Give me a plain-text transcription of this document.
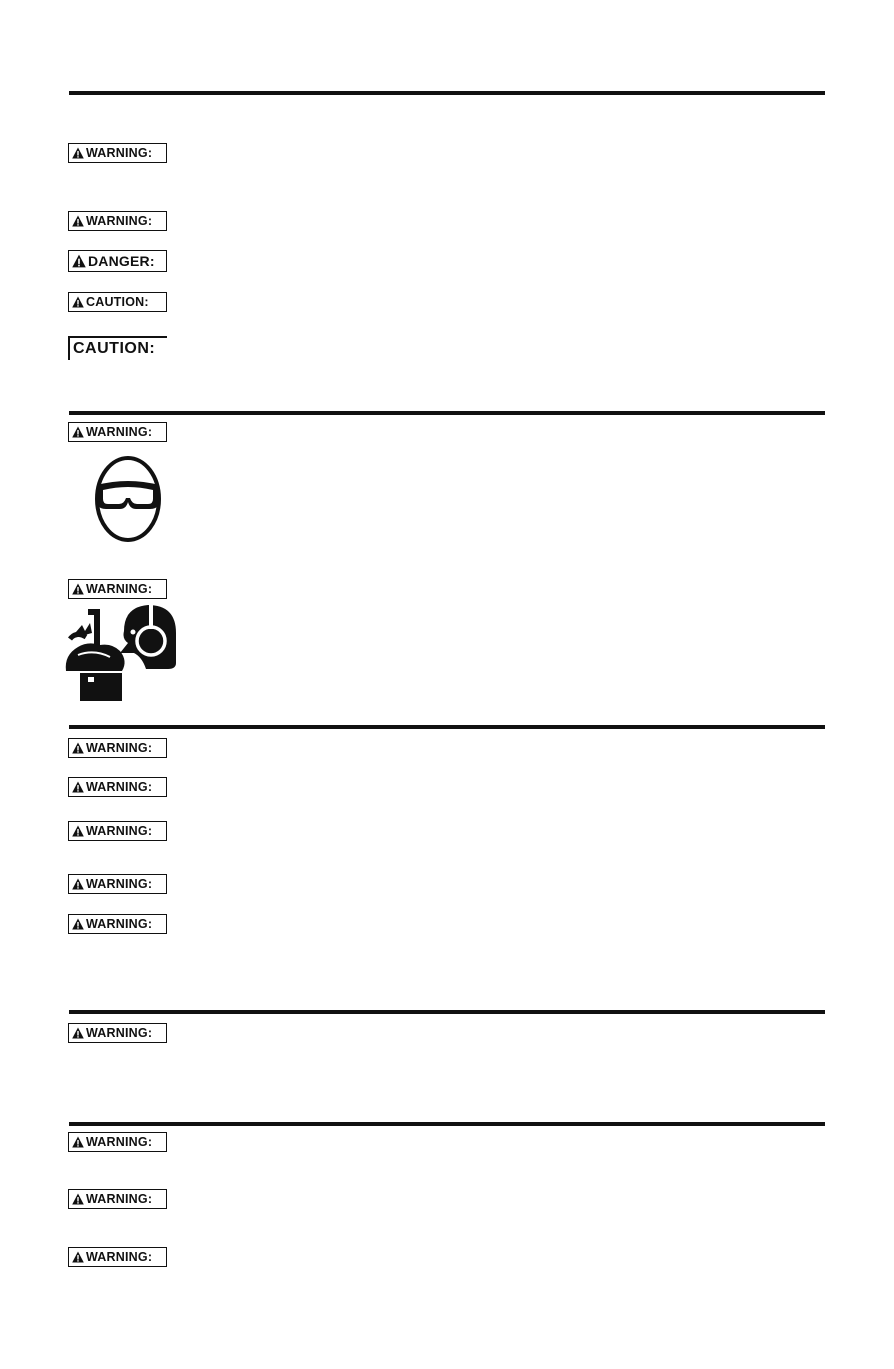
WARNING:
WARNING:
DANGER:
CAUTION:
CAUTION:
WARNING:
WARNING:
WARNING:
WARNING:
WARNING:
WARNING:
WARNING:
WARNING:
WARNING:
WARNING:
WARNING:
